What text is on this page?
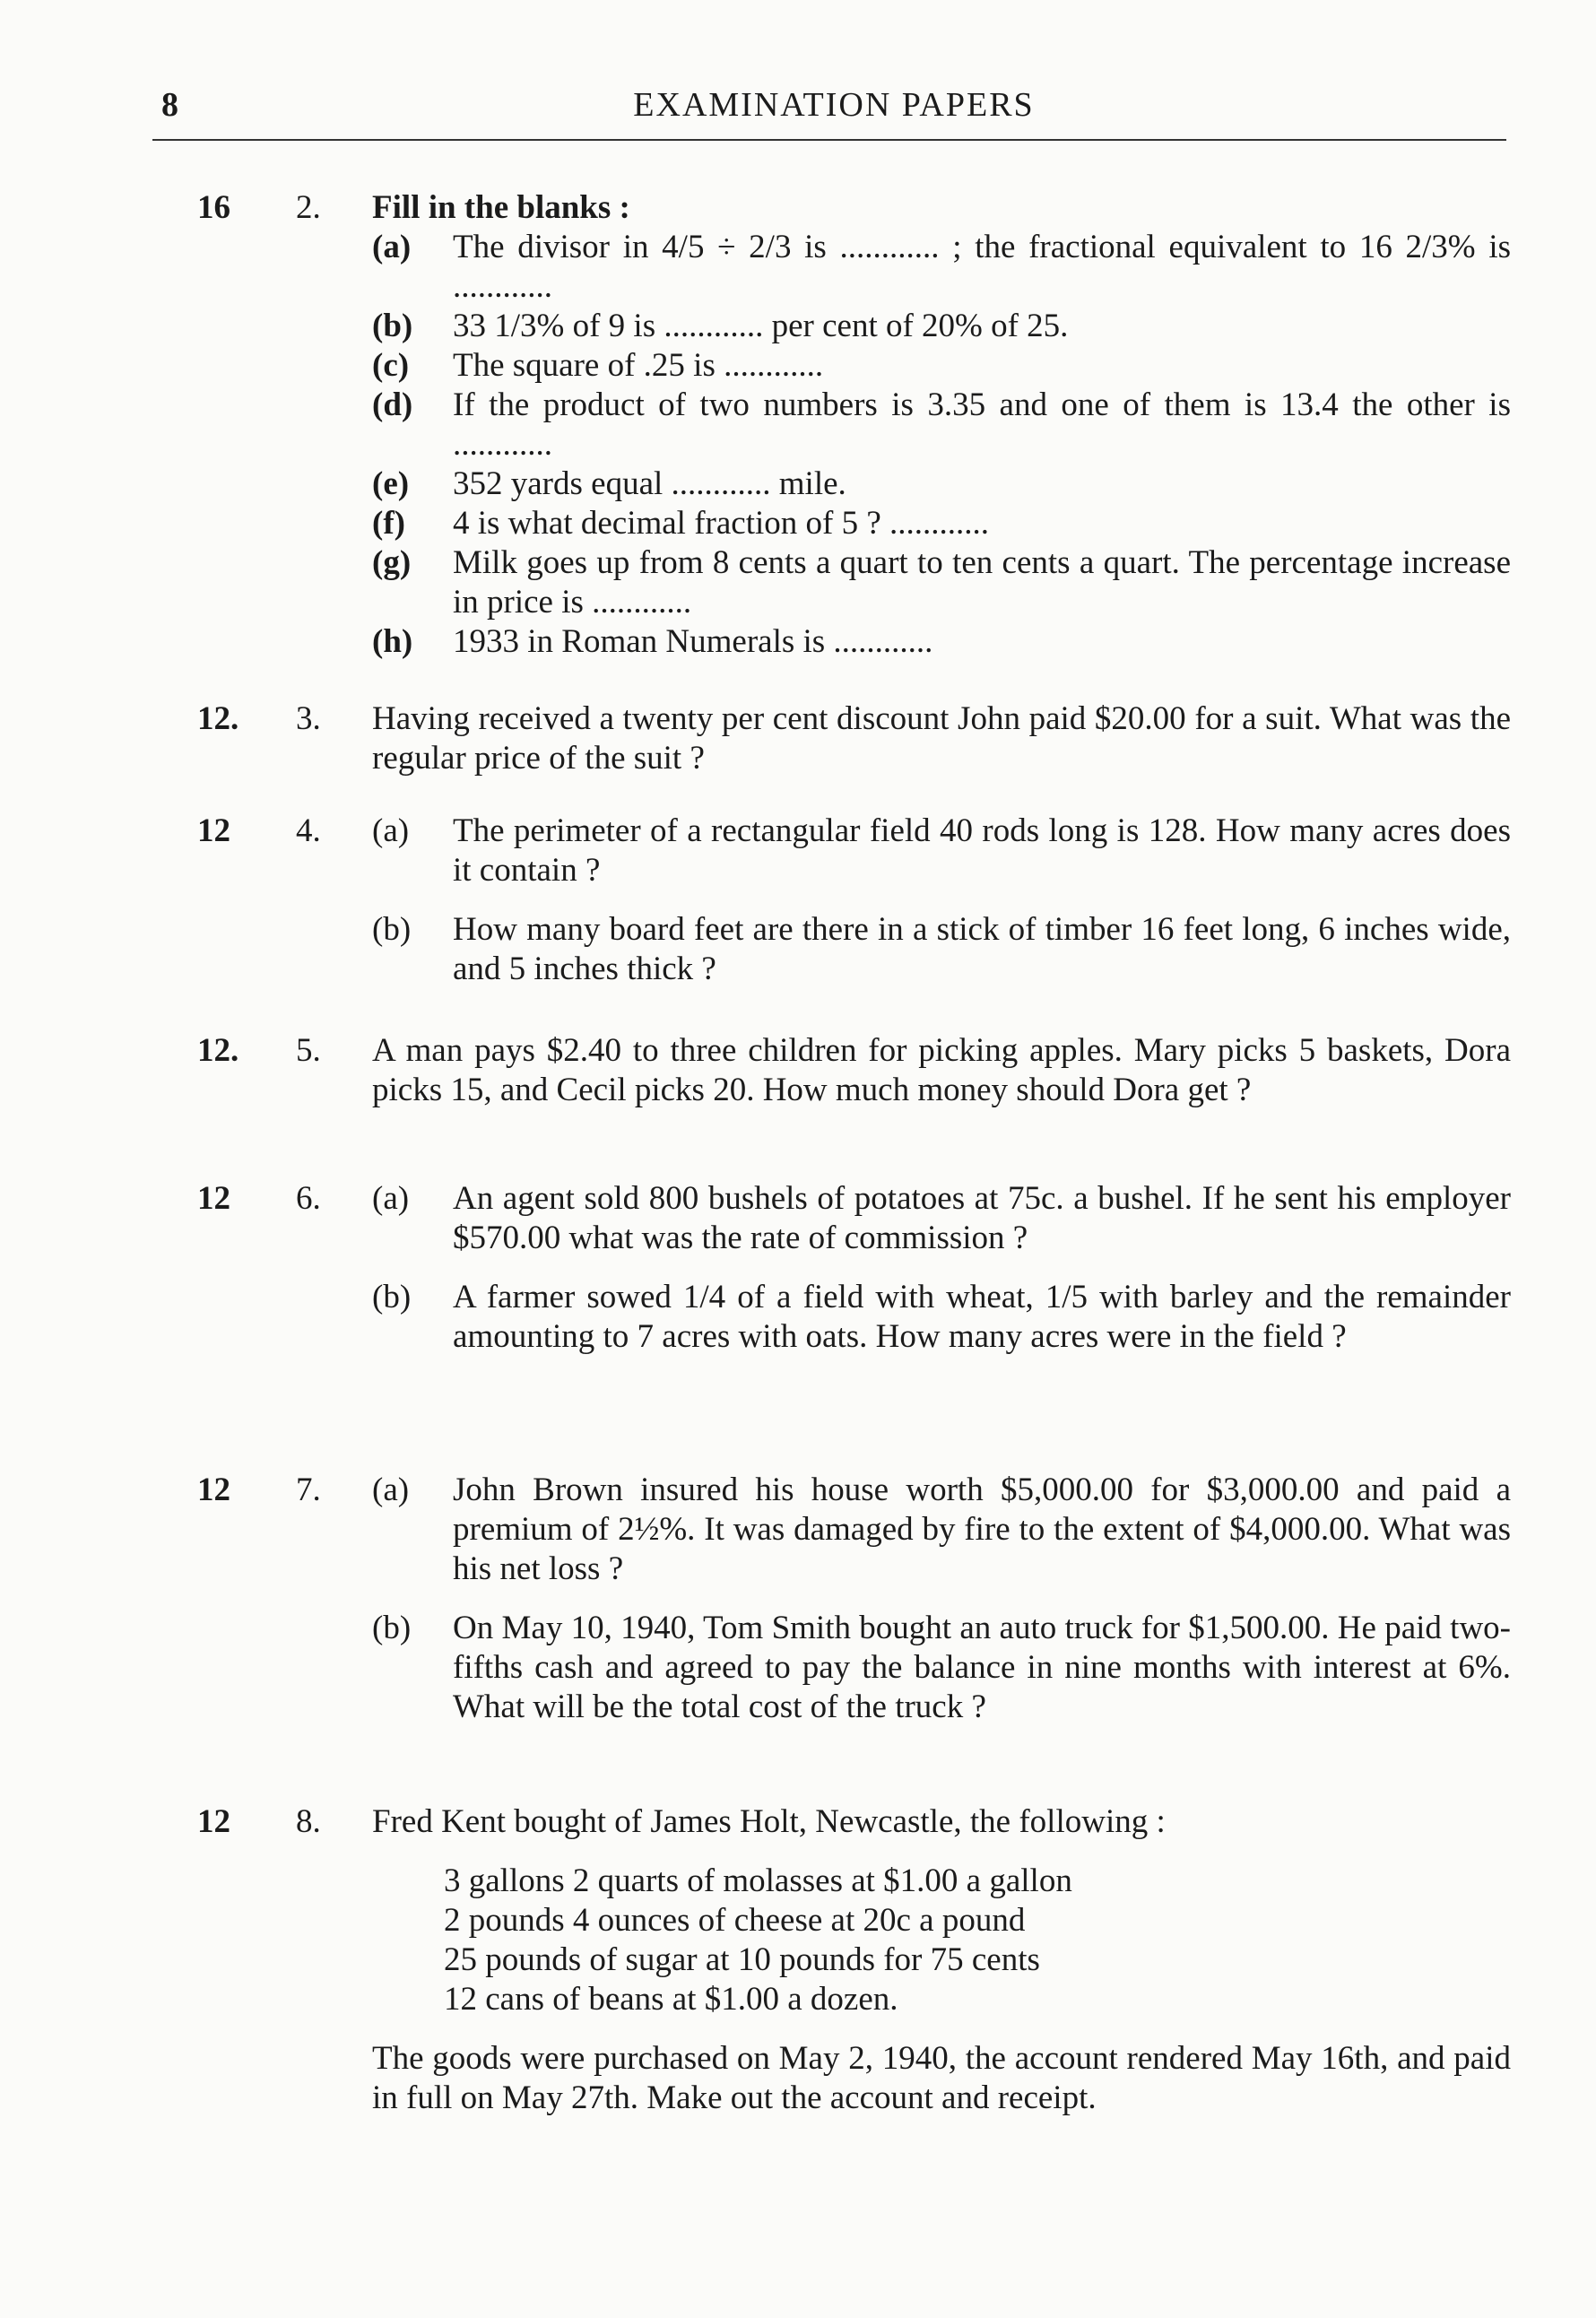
8	EXAMINATION PAPERS
16 2. Fill in the blanks :

(a) The divisor in 4/5 ÷ 2/3 is ............ ; the fractional equivalent to 16 2/3% is ............
(b) 33 1/3% of 9 is ............ per cent of 20% of 25.
(c) The square of .25 is ............
(d) If the product of two numbers is 3.35 and one of them is 13.4 the other is ............
(e) 352 yards equal ............ mile.
(f) 4 is what decimal fraction of 5 ? ............
(g) Milk goes up from 8 cents a quart to ten cents a quart. The percentage increase in price is ............
(h) 1933 in Roman Numerals is ............
12. 3. Having received a twenty per cent discount John paid $20.00 for a suit. What was the regular price of the suit ?

12 4. (a) The perimeter of a rectangular field 40 rods long is 128. How many acres does it contain ?
(b) How many board feet are there in a stick of timber 16 feet long, 6 inches wide, and 5 inches thick ?
12. 5. A man pays $2.40 to three children for picking apples. Mary picks 5 baskets, Dora picks 15, and Cecil picks 20. How much money should Dora get ?

12 6. (a) An agent sold 800 bushels of potatoes at 75c. a bushel. If he sent his employer $570.00 what was the rate of commission ?
(b) A farmer sowed 1/4 of a field with wheat, 1/5 with barley and the remainder amounting to 7 acres with oats. How many acres were in the field ?
12 7. (a) John Brown insured his house worth $5,000.00 for $3,000.00 and paid a premium of 2½%. It was damaged by fire to the extent of $4,000.00. What was his net loss ?
(b) On May 10, 1940, Tom Smith bought an auto truck for $1,500.00. He paid two-fifths cash and agreed to pay the balance in nine months with interest at 6%. What will be the total cost of the truck ?
12 8. Fred Kent bought of James Holt, Newcastle, the following :

3 gallons 2 quarts of molasses at $1.00 a gallon
2 pounds 4 ounces of cheese at 20c a pound
25 pounds of sugar at 10 pounds for 75 cents
12 cans of beans at $1.00 a dozen.

The goods were purchased on May 2, 1940, the account rendered May 16th, and paid in full on May 27th. Make out the account and receipt.
